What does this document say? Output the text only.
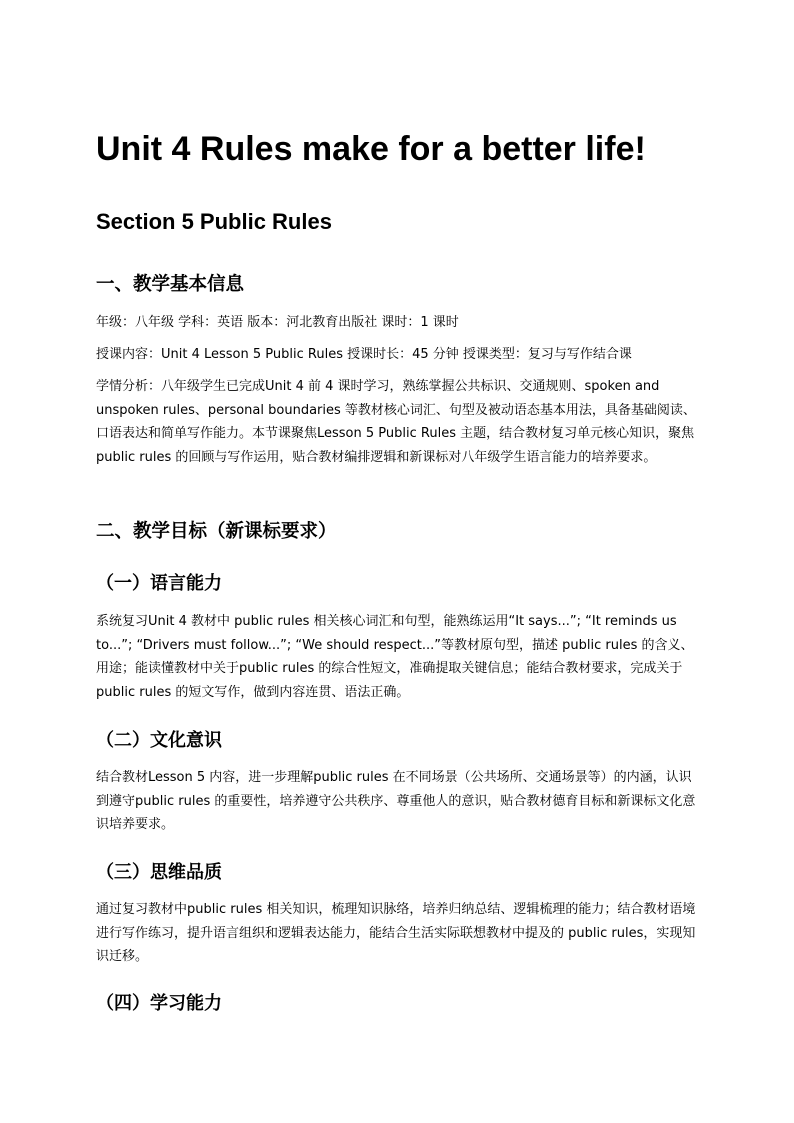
Unit 4 Rules make for a better life!
Section 5 Public Rules
一、教学基本信息

年级：八年级 学科：英语 版本：河北教育出版社 课时：1 课时

授课内容：Unit 4 Lesson 5 Public Rules 授课时长：45 分钟 授课类型：复习与写作结合课

学情分析：八年级学生已完成Unit 4 前 4 课时学习，熟练掌握公共标识、交通规则、spoken and unspoken rules、personal boundaries 等教材核心词汇、句型及被动语态基本用法，具备基础阅读、口语表达和简单写作能力。本节课聚焦Lesson 5 Public Rules 主题，结合教材复习单元核心知识，聚焦public rules 的回顾与写作运用，贴合教材编排逻辑和新课标对八年级学生语言能力的培养要求。

二、教学目标（新课标要求）
（一）语言能力

系统复习Unit 4 教材中 public rules 相关核心词汇和句型，能熟练运用“It says...”; “It reminds us to...”; “Drivers must follow...”; “We should respect...”等教材原句型，描述 public rules 的含义、用途；能读懂教材中关于public rules 的综合性短文，准确提取关键信息；能结合教材要求，完成关于public rules 的短文写作，做到内容连贯、语法正确。

（二）文化意识

结合教材Lesson 5 内容，进一步理解public rules 在不同场景（公共场所、交通场景等）的内涵，认识到遵守public rules 的重要性，培养遵守公共秩序、尊重他人的意识，贴合教材德育目标和新课标文化意识培养要求。

（三）思维品质

通过复习教材中public rules 相关知识，梳理知识脉络，培养归纳总结、逻辑梳理的能力；结合教材语境进行写作练习，提升语言组织和逻辑表达能力，能结合生活实际联想教材中提及的 public rules，实现知识迁移。

（四）学习能力
